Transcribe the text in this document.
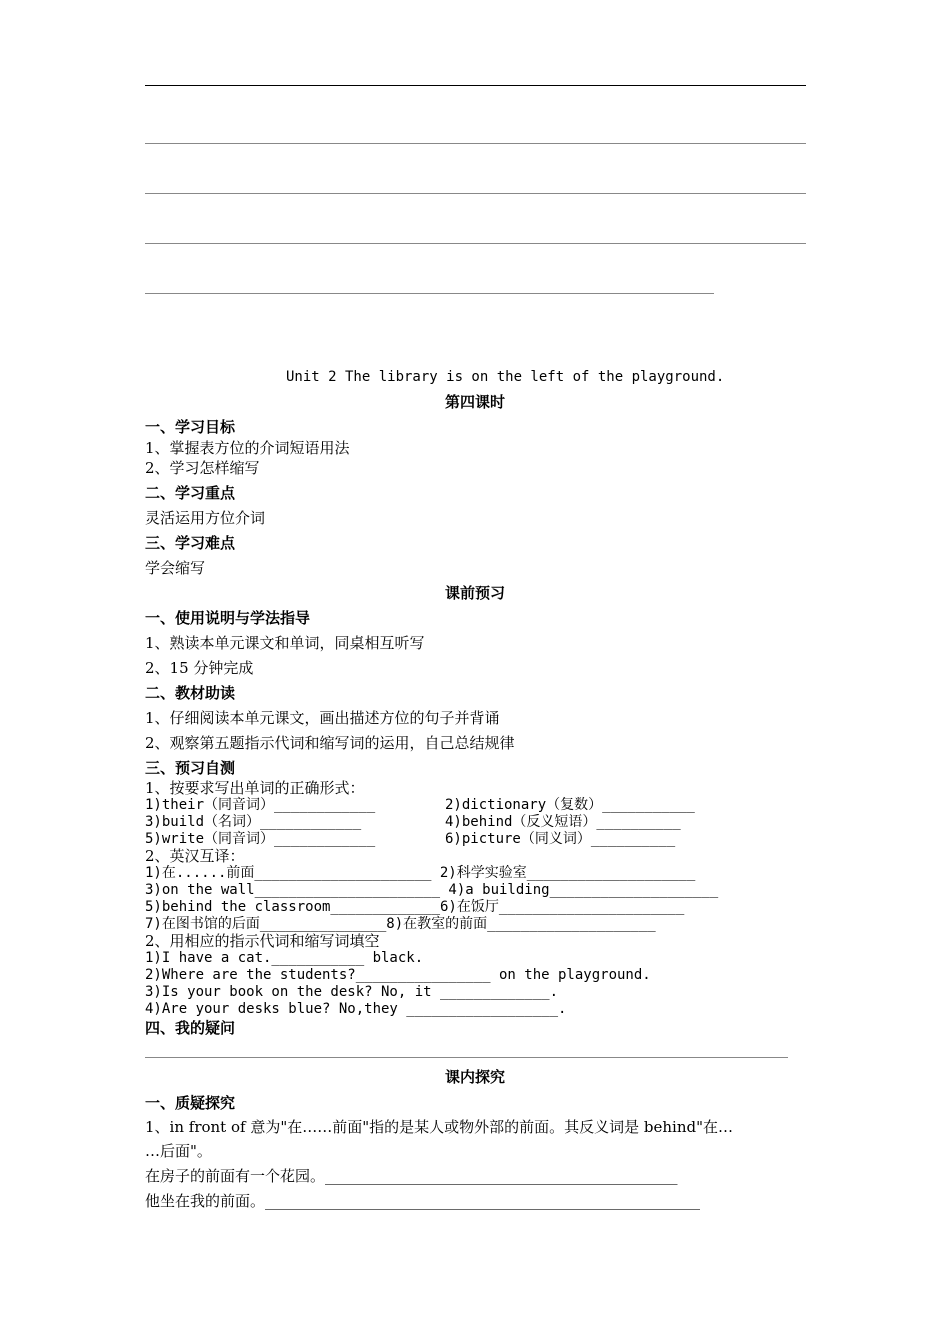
Unit 2 The library is on the left of the playground.
第四课时
一、学习目标
1、掌握表方位的介词短语用法
2、学习怎样缩写
二、学习重点
灵活运用方位介词
三、学习难点
学会缩写
课前预习
一、使用说明与学法指导
1、熟读本单元课文和单词，同桌相互听写
2、15 分钟完成
二、教材助读
1、仔细阅读本单元课文，画出描述方位的句子并背诵
2、观察第五题指示代词和缩写词的运用，自己总结规律
三、预习自测
1、按要求写出单词的正确形式：
1)their（同音词）____________	2)dictionary（复数）___________
3)build（名词）____________	4)behind（反义短语）__________
5)write（同音词）____________	6)picture（同义词）__________
2、英汉互译：
1)在......前面_____________________ 2)科学实验室____________________
3)on the wall______________________ 4)a building____________________
5)behind the classroom_____________6)在饭厅______________________
7)在图书馆的后面_______________8)在教室的前面____________________
2、用相应的指示代词和缩写词填空
1)I have a cat.___________ black.
2)Where are the students?________________ on the playground.
3)Is your book on the desk? No, it _____________.
4)Are your desks blue? No,they __________________.
四、我的疑问
课内探究
一、质疑探究
1、in front of 意为"在……前面"指的是某人或物外部的前面。其反义词是 behind"在…
…后面"。
在房子的前面有一个花园。_______________________________________________
他坐在我的前面。__________________________________________________________
